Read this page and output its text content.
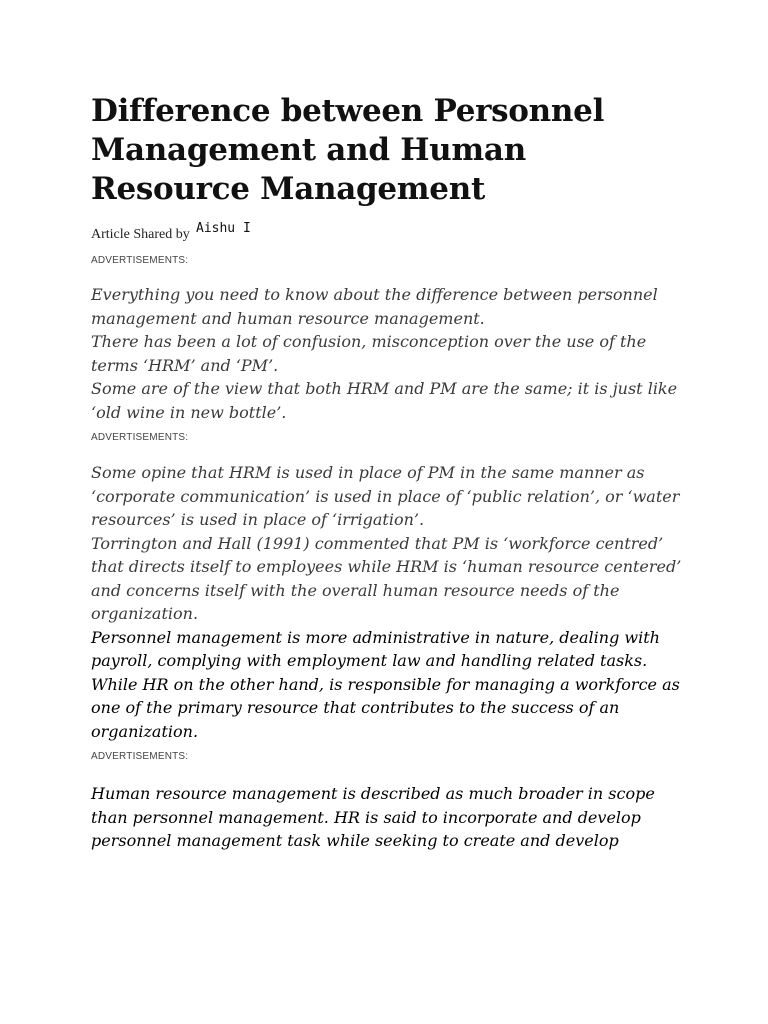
Difference between Personnel Management and Human Resource Management
Article Shared by Aishu I
ADVERTISEMENTS:

Everything you need to know about the difference between personnel management and human resource management.

There has been a lot of confusion, misconception over the use of the terms ‘HRM’ and ‘PM’.

Some are of the view that both HRM and PM are the same; it is just like ‘old wine in new bottle’.

ADVERTISEMENTS:

Some opine that HRM is used in place of PM in the same manner as ‘corporate communication’ is used in place of ‘public relation’, or ‘water resources’ is used in place of ‘irrigation’.

Torrington and Hall (1991) commented that PM is ‘workforce centred’ that directs itself to employees while HRM is ‘human resource centered’ and concerns itself with the overall human resource needs of the organization.

Personnel management is more administrative in nature, dealing with payroll, complying with employment law and handling related tasks.

While HR on the other hand, is responsible for managing a workforce as one of the primary resource that contributes to the success of an organization.

ADVERTISEMENTS:

Human resource management is described as much broader in scope than personnel management. HR is said to incorporate and develop personnel management task while seeking to create and develop
